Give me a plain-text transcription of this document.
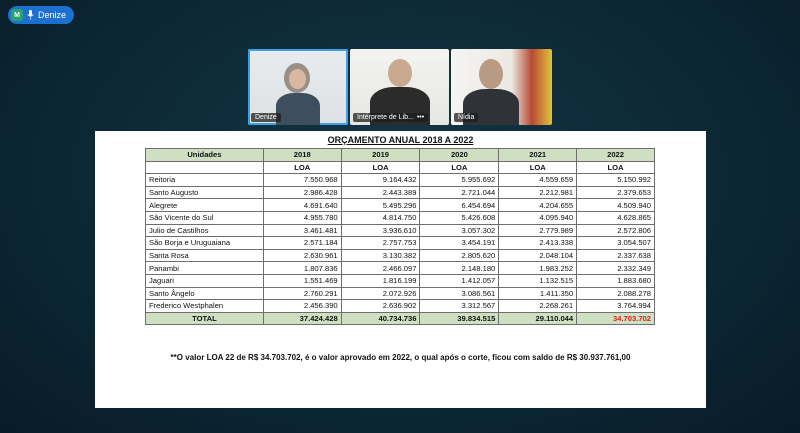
M	Denize
Denize	Intérprete de Lib... •••	Nídia
ORÇAMENTO ANUAL 2018 A 2022
Unidades	2018	2019	2020	2021	2022
	LOA	LOA	LOA	LOA	LOA
Reitoria	7.550.968	9.164.432	5.955.692	4.559.659	5.150.992
Santo Augusto	2.986.428	2.443.389	2.721.044	2.212.981	2.379.653
Alegrete	4.691.640	5.495.296	6.454.694	4.204.655	4.509.940
São Vicente do Sul	4.955.780	4.814.750	5.426.608	4.095.940	4.628.865
Julio de Castilhos	3.461.481	3.936.610	3.057.302	2.779.989	2.572.806
São Borja e Uruguaiana	2.571.184	2.757.753	3.454.191	2.413.338	3.054.507
Santa Rosa	2.630.961	3.130.382	2.805.620	2.048.104	2.337.638
Panambi	1.807.836	2.466.097	2.148.180	1.983.252	2.332.349
Jaguari	1.551.469	1.816.199	1.412.057	1.132.515	1.883.680
Santo Ângelo	2.760.291	2.072.926	3.086.561	1.411.350	2.088.278
Frederico Westphalen	2.456.390	2.636.902	3.312.567	2.268.261	3.764.994
TOTAL	37.424.428	40.734.736	39.834.515	29.110.044	34.703.702
**O valor LOA 22 de R$ 34.703.702, é o valor aprovado em 2022, o qual após o corte, ficou com saldo de R$ 30.937.761,00
